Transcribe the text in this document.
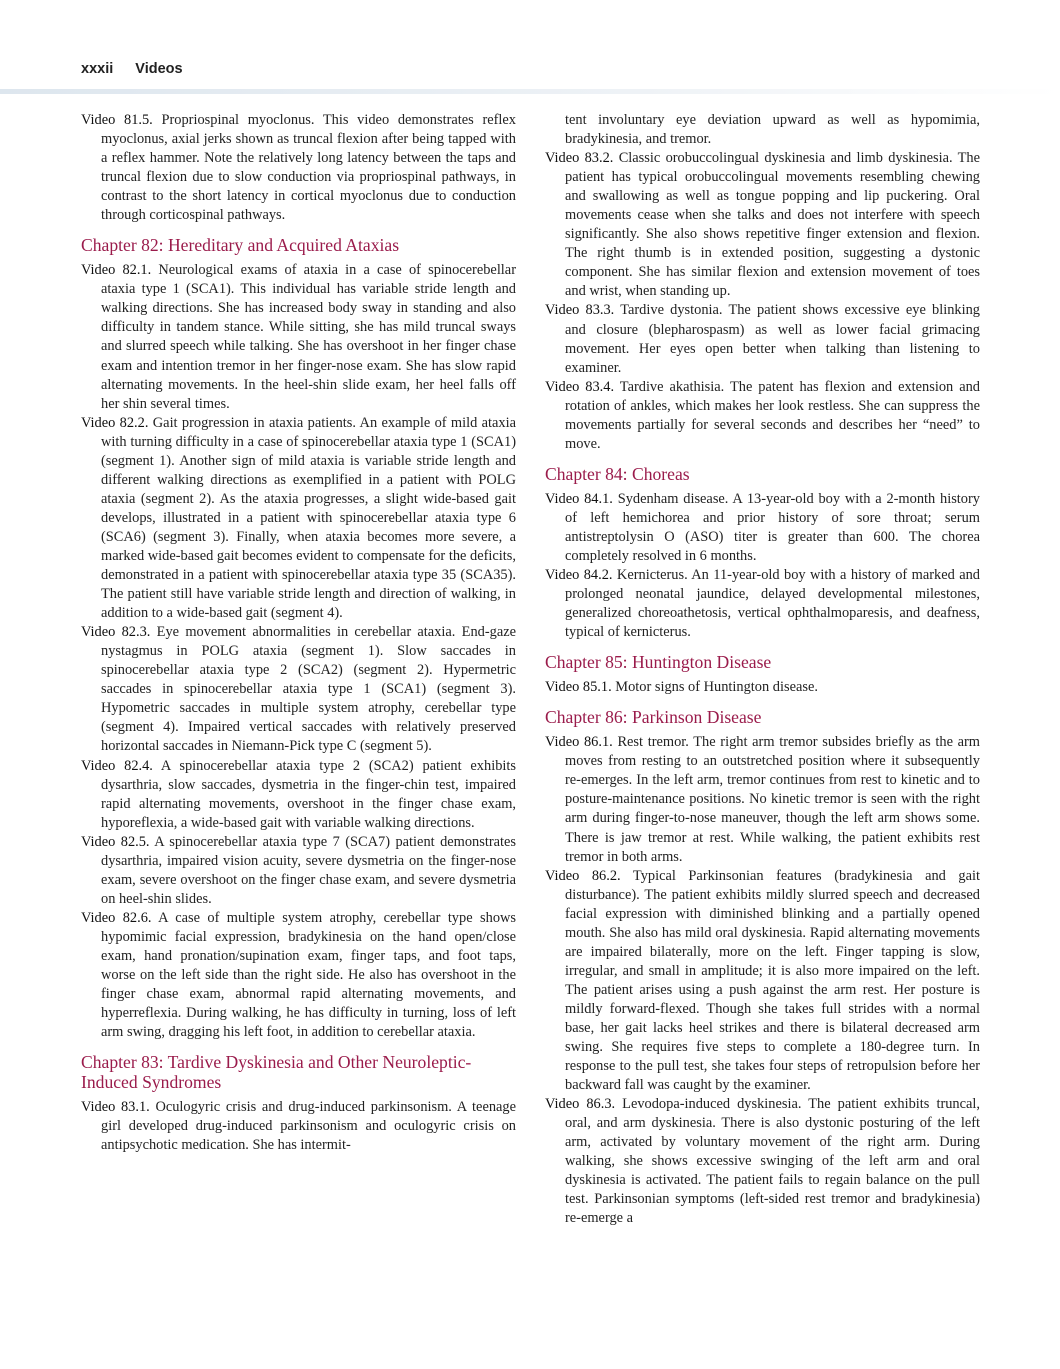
xxxii Videos

Video 81.5. Propriospinal myoclonus. This video demonstrates reflex myoclonus, axial jerks shown as truncal flexion after being tapped with a reflex hammer. Note the relatively long latency between the taps and truncal flexion due to slow conduction via propriospinal pathways, in contrast to the short latency in cortical myoclonus due to conduction through corticospinal pathways.

Chapter 82: Hereditary and Acquired Ataxias

Video 82.1. Neurological exams of ataxia in a case of spinocerebellar ataxia type 1 (SCA1). This individual has variable stride length and walking directions. She has increased body sway in standing and also difficulty in tandem stance. While sitting, she has mild truncal sways and slurred speech while talking. She has overshoot in her finger chase exam and intention tremor in her finger-nose exam. She has slow rapid alternating movements. In the heel-shin slide exam, her heel falls off her shin several times.

Video 82.2. Gait progression in ataxia patients. An example of mild ataxia with turning difficulty in a case of spinocerebellar ataxia type 1 (SCA1) (segment 1). Another sign of mild ataxia is variable stride length and different walking directions as exemplified in a patient with POLG ataxia (segment 2). As the ataxia progresses, a slight wide-based gait develops, illustrated in a patient with spinocerebellar ataxia type 6 (SCA6) (segment 3). Finally, when ataxia becomes more severe, a marked wide-based gait becomes evident to compensate for the deficits, demonstrated in a patient with spinocerebellar ataxia type 35 (SCA35). The patient still have variable stride length and direction of walking, in addition to a wide-based gait (segment 4).

Video 82.3. Eye movement abnormalities in cerebellar ataxia. End-gaze nystagmus in POLG ataxia (segment 1). Slow saccades in spinocerebellar ataxia type 2 (SCA2) (segment 2). Hypermetric saccades in spinocerebellar ataxia type 1 (SCA1) (segment 3). Hypometric saccades in multiple system atrophy, cerebellar type (segment 4). Impaired vertical saccades with relatively preserved horizontal saccades in Niemann-Pick type C (segment 5).

Video 82.4. A spinocerebellar ataxia type 2 (SCA2) patient exhibits dysarthria, slow saccades, dysmetria in the finger-chin test, impaired rapid alternating movements, overshoot in the finger chase exam, hyporeflexia, a wide-based gait with variable walking directions.

Video 82.5. A spinocerebellar ataxia type 7 (SCA7) patient demonstrates dysarthria, impaired vision acuity, severe dysmetria on the finger-nose exam, severe overshoot on the finger chase exam, and severe dysmetria on heel-shin slides.

Video 82.6. A case of multiple system atrophy, cerebellar type shows hypomimic facial expression, bradykinesia on the hand open/close exam, hand pronation/supination exam, finger taps, and foot taps, worse on the left side than the right side. He also has overshoot in the finger chase exam, abnormal rapid alternating movements, and hyperreflexia. During walking, he has difficulty in turning, loss of left arm swing, dragging his left foot, in addition to cerebellar ataxia.

Chapter 83: Tardive Dyskinesia and Other Neuroleptic-Induced Syndromes

Video 83.1. Oculogyric crisis and drug-induced parkinsonism. A teenage girl developed drug-induced parkinsonism and oculogyric crisis on antipsychotic medication. She has intermit-

tent involuntary eye deviation upward as well as hypomimia, bradykinesia, and tremor.

Video 83.2. Classic orobuccolingual dyskinesia and limb dyskinesia. The patient has typical orobuccolingual movements resembling chewing and swallowing as well as tongue popping and lip puckering. Oral movements cease when she talks and does not interfere with speech significantly. She also shows repetitive finger extension and flexion. The right thumb is in extended position, suggesting a dystonic component. She has similar flexion and extension movement of toes and wrist, when standing up.

Video 83.3. Tardive dystonia. The patient shows excessive eye blinking and closure (blepharospasm) as well as lower facial grimacing movement. Her eyes open better when talking than listening to examiner.

Video 83.4. Tardive akathisia. The patent has flexion and extension and rotation of ankles, which makes her look restless. She can suppress the movements partially for several seconds and describes her “need” to move.

Chapter 84: Choreas

Video 84.1. Sydenham disease. A 13-year-old boy with a 2-month history of left hemichorea and prior history of sore throat; serum antistreptolysin O (ASO) titer is greater than 600. The chorea completely resolved in 6 months.

Video 84.2. Kernicterus. An 11-year-old boy with a history of marked and prolonged neonatal jaundice, delayed developmental milestones, generalized choreoathetosis, vertical ophthalmoparesis, and deafness, typical of kernicterus.

Chapter 85: Huntington Disease

Video 85.1. Motor signs of Huntington disease.

Chapter 86: Parkinson Disease

Video 86.1. Rest tremor. The right arm tremor subsides briefly as the arm moves from resting to an outstretched position where it subsequently re-emerges. In the left arm, tremor continues from rest to kinetic and to posture-maintenance positions. No kinetic tremor is seen with the right arm during finger-to-nose maneuver, though the left arm shows some. There is jaw tremor at rest. While walking, the patient exhibits rest tremor in both arms.

Video 86.2. Typical Parkinsonian features (bradykinesia and gait disturbance). The patient exhibits mildly slurred speech and decreased facial expression with diminished blinking and a partially opened mouth. She also has mild oral dyskinesia. Rapid alternating movements are impaired bilaterally, more on the left. Finger tapping is slow, irregular, and small in amplitude; it is also more impaired on the left. The patient arises using a push against the arm rest. Her posture is mildly forward-flexed. Though she takes full strides with a normal base, her gait lacks heel strikes and there is bilateral decreased arm swing. She requires five steps to complete a 180-degree turn. In response to the pull test, she takes four steps of retropulsion before her backward fall was caught by the examiner.

Video 86.3. Levodopa-induced dyskinesia. The patient exhibits truncal, oral, and arm dyskinesia. There is also dystonic posturing of the left arm, activated by voluntary movement of the right arm. During walking, she shows excessive swinging of the left arm and oral dyskinesia is activated. The patient fails to regain balance on the pull test. Parkinsonian symptoms (left-sided rest tremor and bradykinesia) re-emerge a
